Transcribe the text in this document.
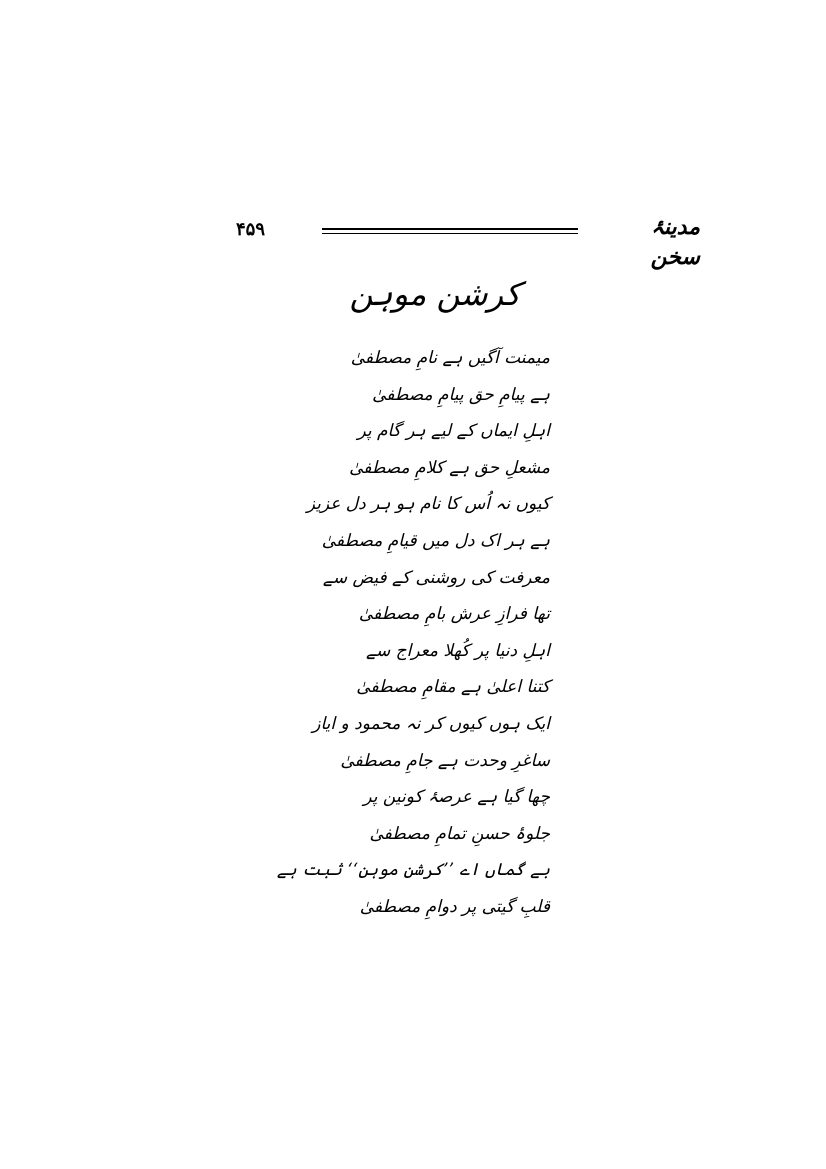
۴۵۹	مدینۂ سخن
کرشن موہن
میمنت آگیں ہے نامِ مصطفیٰ
ہے پیامِ حق پیامِ مصطفیٰ
اہلِ ایماں کے لیے ہر گام پر
مشعلِ حق ہے کلامِ مصطفیٰ
کیوں نہ اُس کا نام ہو ہر دل عزیز
ہے ہر اک دل میں قیامِ مصطفیٰ
معرفت کی روشنی کے فیض سے
تھا فرازِ عرش بامِ مصطفیٰ
اہلِ دنیا پر کُھلا معراج سے
کتنا اعلیٰ ہے مقامِ مصطفیٰ
ایک ہوں کیوں کر نہ محمود و ایاز
ساغرِ وحدت ہے جامِ مصطفیٰ
چھا گیا ہے عرصۂ کونین پر
جلوۂ حسنِ تمامِ مصطفیٰ
بے گماں اے ’’کرشن موہن‘‘ ثبت ہے
قلبِ گیتی پر دوامِ مصطفیٰ
